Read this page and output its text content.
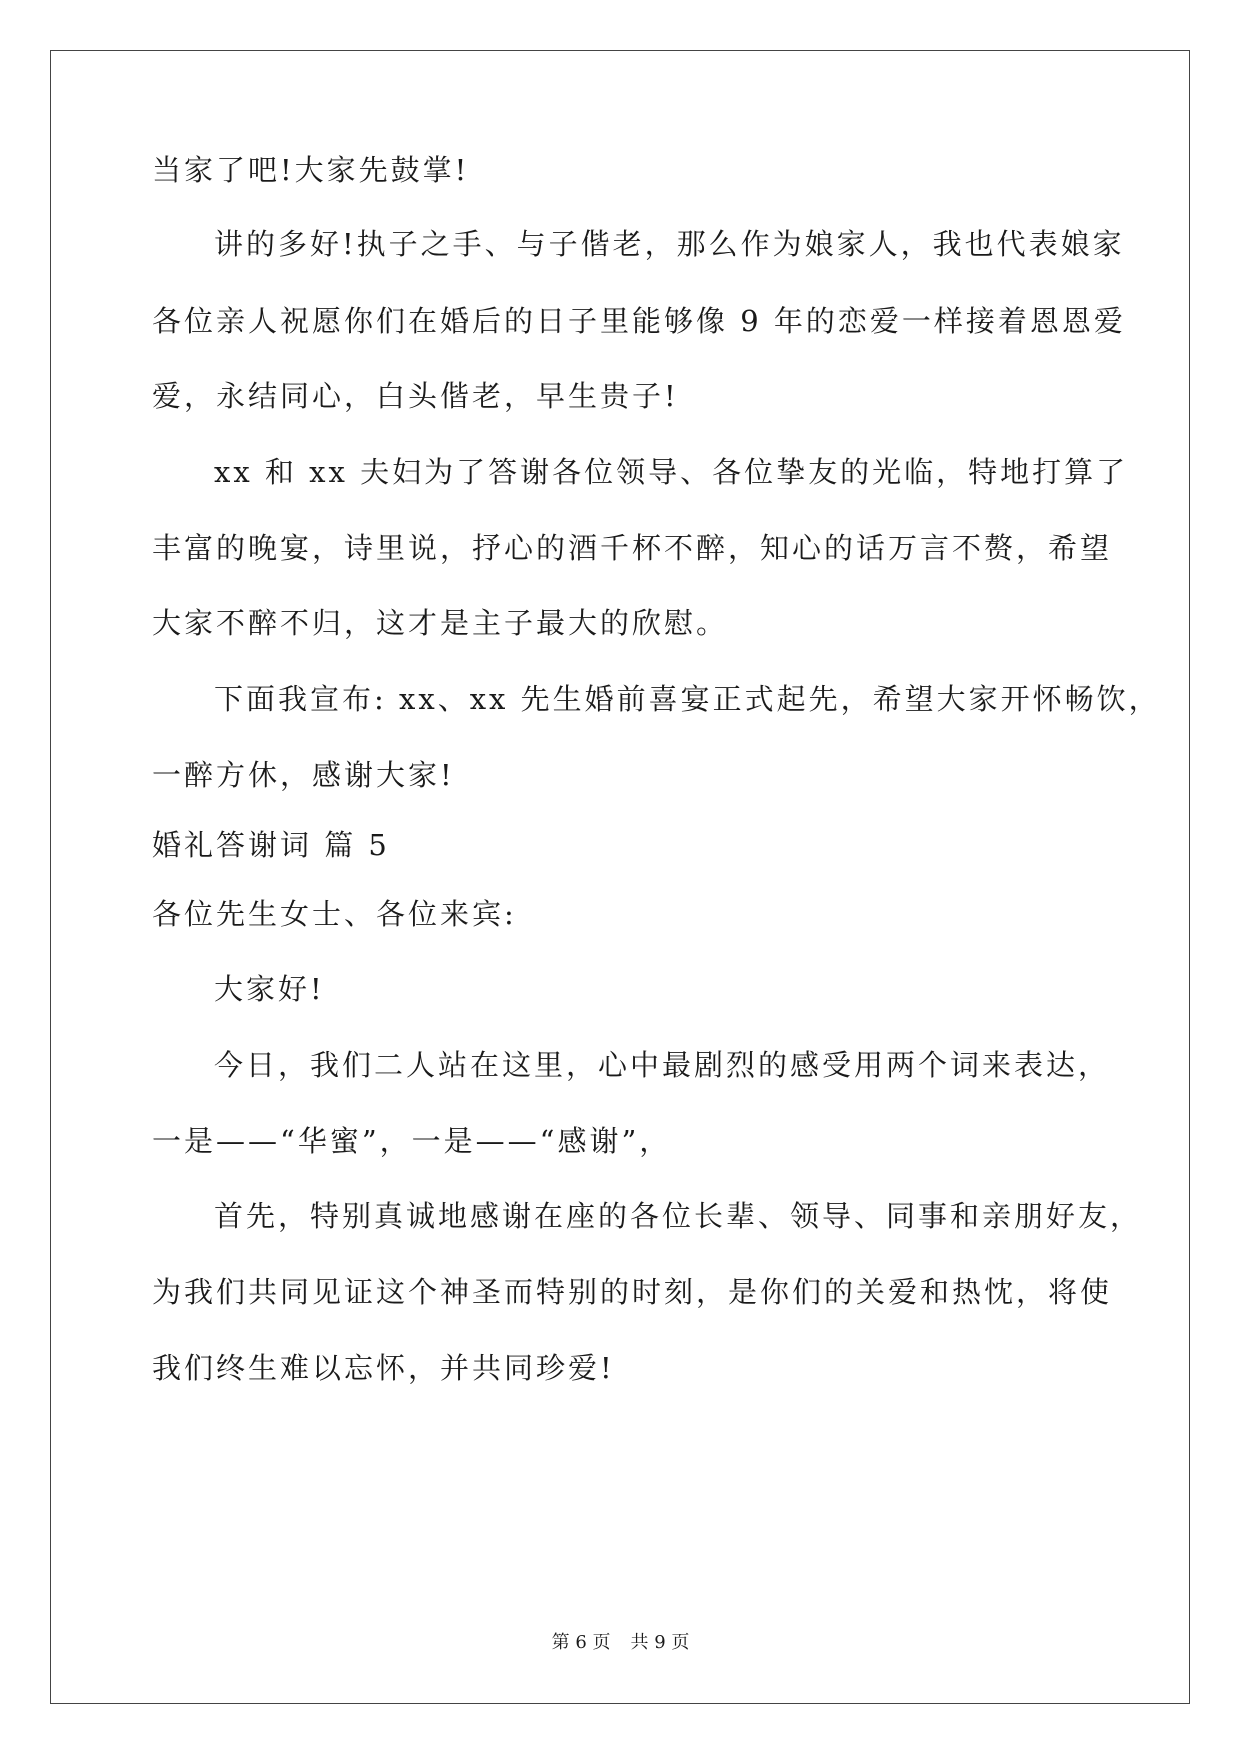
当家了吧!大家先鼓掌!
讲的多好!执子之手、与子偕老，那么作为娘家人，我也代表娘家
各位亲人祝愿你们在婚后的日子里能够像 9 年的恋爱一样接着恩恩爱
爱，永结同心，白头偕老，早生贵子!
xx 和 xx 夫妇为了答谢各位领导、各位挚友的光临，特地打算了
丰富的晚宴，诗里说，抒心的酒千杯不醉，知心的话万言不赘，希望
大家不醉不归，这才是主子最大的欣慰。
下面我宣布: xx、xx 先生婚前喜宴正式起先，希望大家开怀畅饮，
一醉方休，感谢大家!
婚礼答谢词 篇 5
各位先生女士、各位来宾:
大家好!
今日，我们二人站在这里，心中最剧烈的感受用两个词来表达，
一是——“华蜜”，一是——“感谢”，
首先，特别真诚地感谢在座的各位长辈、领导、同事和亲朋好友，
为我们共同见证这个神圣而特别的时刻，是你们的关爱和热忱，将使
我们终生难以忘怀，并共同珍爱!
第 6 页 共 9 页
